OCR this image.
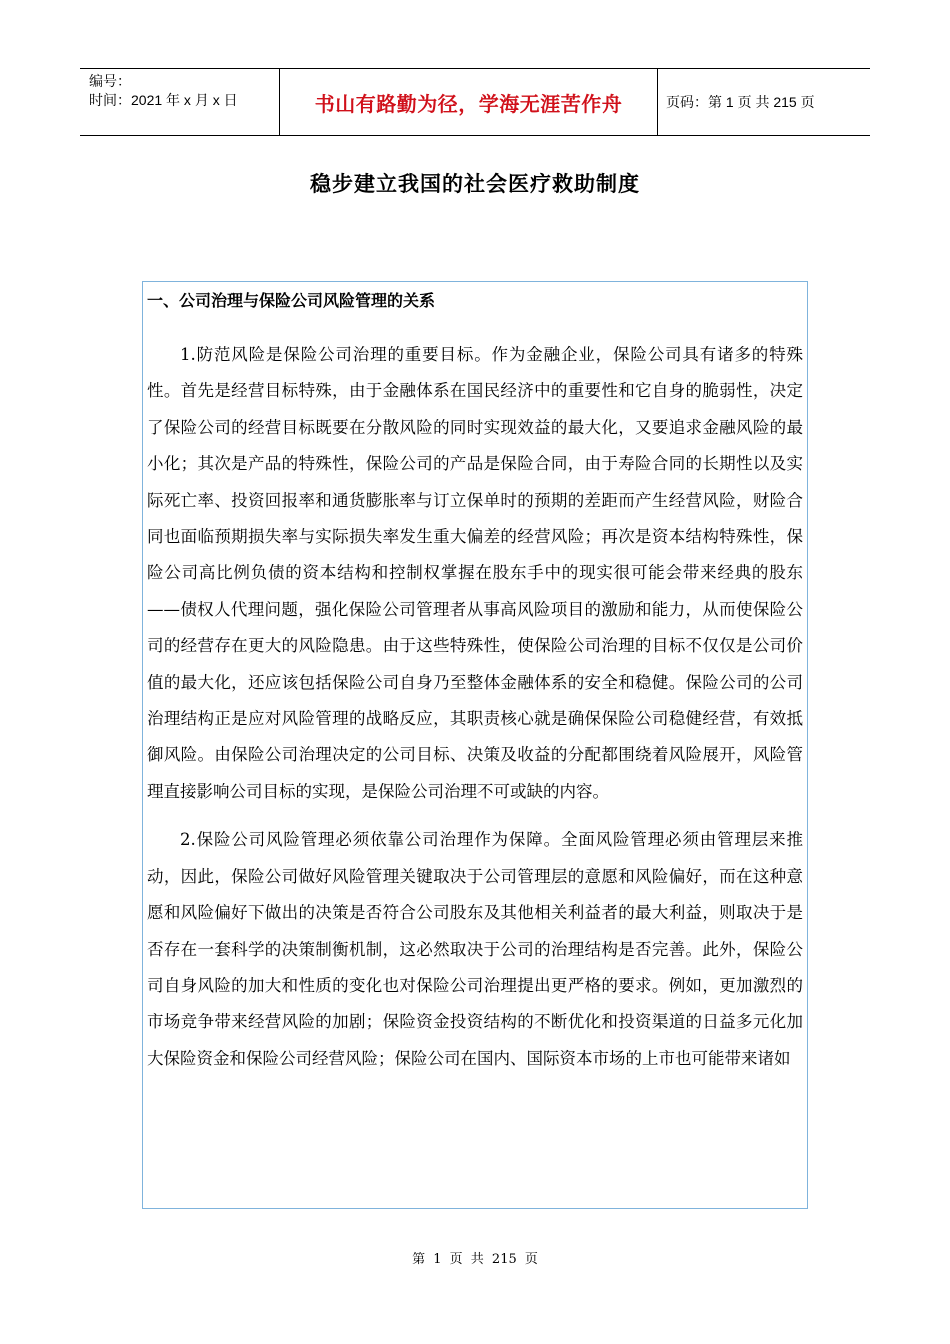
编号：
时间：2021 年 x 月 x 日	书山有路勤为径，学海无涯苦作舟	页码：第 1 页 共 215 页
稳步建立我国的社会医疗救助制度
一、公司治理与保险公司风险管理的关系

1.防范风险是保险公司治理的重要目标。作为金融企业，保险公司具有诸多的特殊性。首先是经营目标特殊，由于金融体系在国民经济中的重要性和它自身的脆弱性，决定了保险公司的经营目标既要在分散风险的同时实现效益的最大化，又要追求金融风险的最小化；其次是产品的特殊性，保险公司的产品是保险合同，由于寿险合同的长期性以及实际死亡率、投资回报率和通货膨胀率与订立保单时的预期的差距而产生经营风险，财险合同也面临预期损失率与实际损失率发生重大偏差的经营风险；再次是资本结构特殊性，保险公司高比例负债的资本结构和控制权掌握在股东手中的现实很可能会带来经典的股东——债权人代理问题，强化保险公司管理者从事高风险项目的激励和能力，从而使保险公司的经营存在更大的风险隐患。由于这些特殊性，使保险公司治理的目标不仅仅是公司价值的最大化，还应该包括保险公司自身乃至整体金融体系的安全和稳健。保险公司的公司治理结构正是应对风险管理的战略反应，其职责核心就是确保保险公司稳健经营，有效抵御风险。由保险公司治理决定的公司目标、决策及收益的分配都围绕着风险展开，风险管理直接影响公司目标的实现，是保险公司治理不可或缺的内容。

2.保险公司风险管理必须依靠公司治理作为保障。全面风险管理必须由管理层来推动，因此，保险公司做好风险管理关键取决于公司管理层的意愿和风险偏好，而在这种意愿和风险偏好下做出的决策是否符合公司股东及其他相关利益者的最大利益，则取决于是否存在一套科学的决策制衡机制，这必然取决于公司的治理结构是否完善。此外，保险公司自身风险的加大和性质的变化也对保险公司治理提出更严格的要求。例如，更加激烈的市场竞争带来经营风险的加剧；保险资金投资结构的不断优化和投资渠道的日益多元化加大保险资金和保险公司经营风险；保险公司在国内、国际资本市场的上市也可能带来诸如

第 1 页 共 215 页
